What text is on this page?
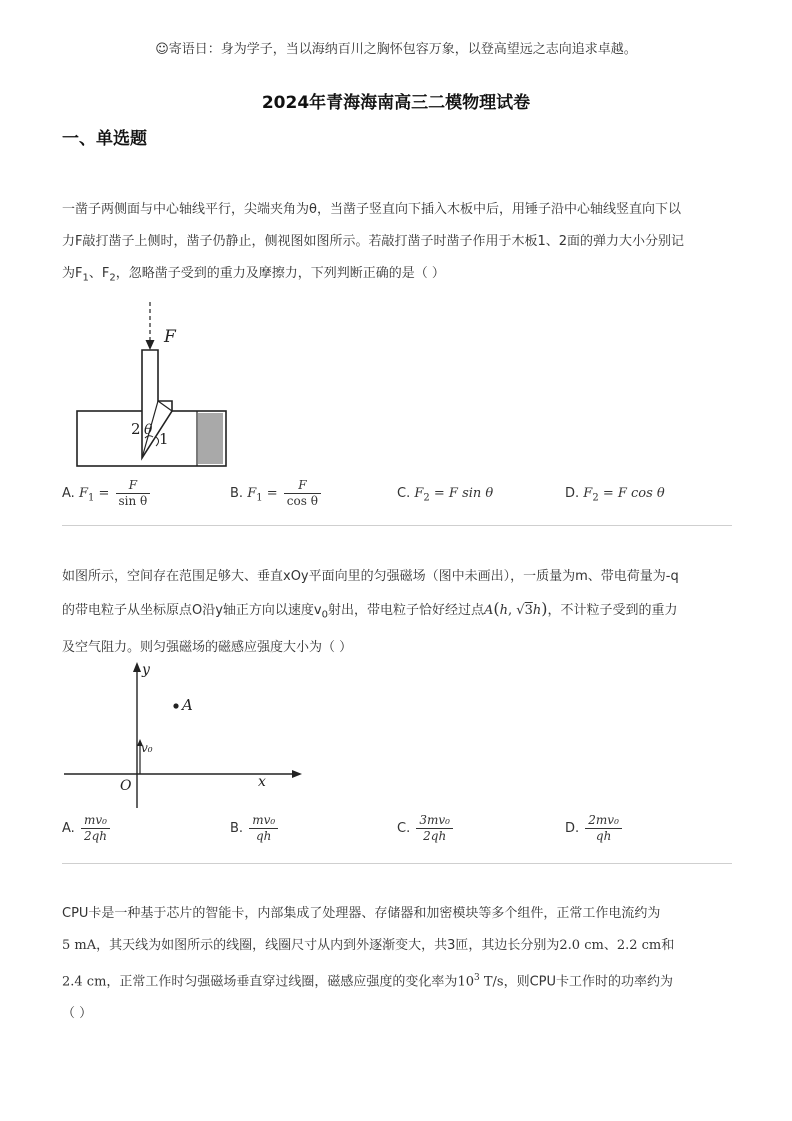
☺寄语日：身为学子，当以海纳百川之胸怀包容万象，以登高望远之志向追求卓越。
2024年青海海南高三二模物理试卷
一、单选题
一凿子两侧面与中心轴线平行，尖端夹角为θ，当凿子竖直向下插入木板中后，用锤子沿中心轴线竖直向下以
力F敲打凿子上侧时，凿子仍静止，侧视图如图所示。若敲打凿子时凿子作用于木板1、2面的弹力大小分别记
为$F_1$、$F_2$，忽略凿子受到的重力及摩擦力，下列判断正确的是（ ）
F
2 θ 1
A. $F_1 = \frac{F}{\text{sin θ}}$	B. $F_1 = \frac{F}{\text{cos θ}}$	C. $F_2 = F$ sin θ	D. $F_2 = F$ cos θ
如图所示，空间存在范围足够大、垂直xOy平面向里的匀强磁场（图中未画出），一质量为m、带电荷量为-q
的带电粒子从坐标原点O沿y轴正方向以速度$v_0$射出，带电粒子恰好经过点A(h, √3h)，不计粒子受到的重力
及空气阻力。则匀强磁场的磁感应强度大小为（ ）
y
A
v₀
O	x
A. $\frac{\text{mv₀}}{2qh}$	B. $\frac{\text{mv₀}}{qh}$	C. $\frac{\text{3mv₀}}{2qh}$	D. $\frac{\text{2mv₀}}{qh}$
CPU卡是一种基于芯片的智能卡，内部集成了处理器、存储器和加密模块等多个组件，正常工作电流约为
5 mA，其天线为如图所示的线圈，线圈尺寸从内到外逐渐变大，共3匝，其边长分别为2.0 cm、2.2 cm和
2.4 cm，正常工作时匀强磁场垂直穿过线圈，磁感应强度的变化率为$10^3$ T/s，则CPU卡工作时的功率约为
（ ）
